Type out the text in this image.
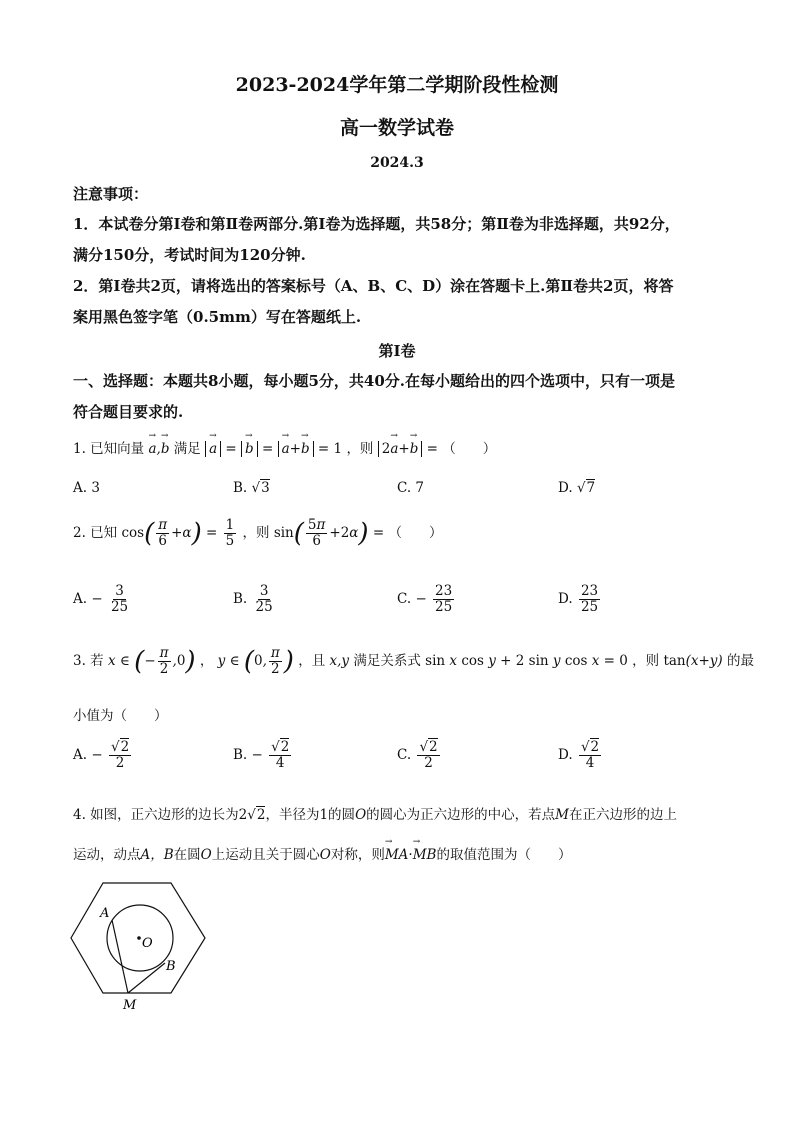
2023-2024学年第二学期阶段性检测
高一数学试卷
2024.3
注意事项：
1．本试卷分第Ⅰ卷和第Ⅱ卷两部分.第Ⅰ卷为选择题，共58分；第Ⅱ卷为非选择题，共92分，
满分150分，考试时间为120分钟.
2．第Ⅰ卷共2页，请将选出的答案标号（A、B、C、D）涂在答题卡上.第Ⅱ卷共2页，将答
案用黑色签字笔（0.5mm）写在答题纸上.
第Ⅰ卷
一、选择题：本题共8小题，每小题5分，共40分.在每小题给出的四个选项中，只有一项是
符合题目要求的.
1. 已知向量 → a,→ b 满足 → a = → b = → a+→ b = 1 ，则 2→ a+→ b = （　　）
A. 3	B. √3	C. 7	D. √7
2. 已知 $\cos( \frac{\pi}{6} +\alpha) = \frac{1}{5}$ ，则 $\sin( \frac{5\pi}{6} +2\alpha)$ = （　　）
A. − $\frac{3}{25}$	B. $\frac{3}{25}$	C. − $\frac{23}{25}$	D. $\frac{23}{25}$
3. 若 x ∈ (− $\frac{\pi}{2} ,0$) ， y ∈ (0, $\frac{\pi}{2}$ ) ，且 x,y 满足关系式 sin x cos y + 2 sin y cos x = 0 ，则 tan(x+y) 的最
小值为（　　）
A. − $\frac{√2}{2}$	B. − $\frac{√2}{4}$	C. $\frac{√2}{2}$	D. $\frac{√2}{4}$
4. 如图，正六边形的边长为2√2，半径为1的圆O的圆心为正六边形的中心，若点M在正六边形的边上
运动，动点A，B在圆O上运动且关于圆心O对称，则→ MA·→ MB的取值范围为（　　）
A
O
B
M
